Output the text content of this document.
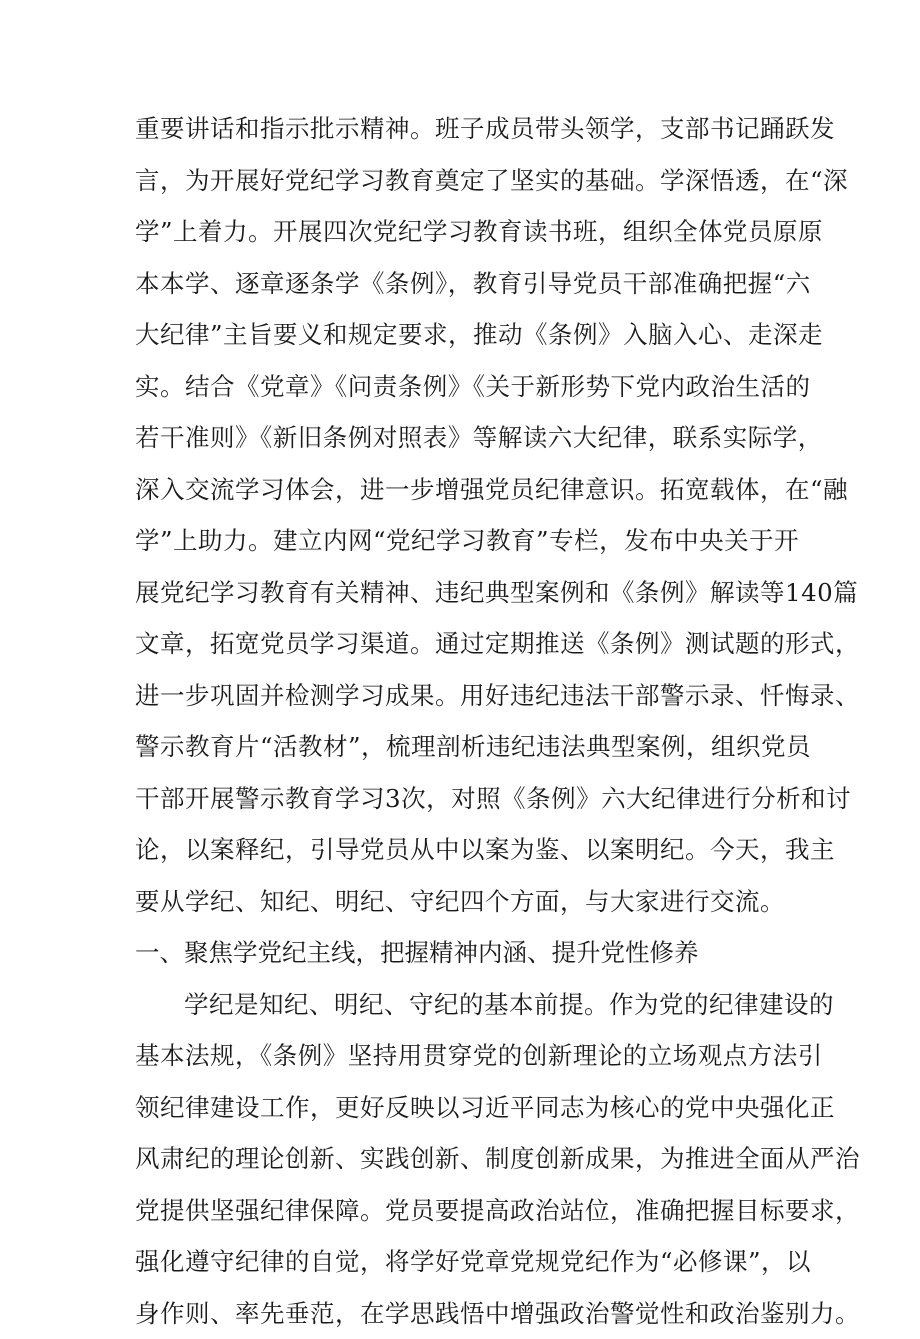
重要讲话和指示批示精神。班子成员带头领学，支部书记踊跃发
言，为开展好党纪学习教育奠定了坚实的基础。学深悟透，在“深
学”上着力。开展四次党纪学习教育读书班，组织全体党员原原
本本学、逐章逐条学《条例》，教育引导党员干部准确把握“六
大纪律”主旨要义和规定要求，推动《条例》入脑入心、走深走
实。结合《党章》《问责条例》《关于新形势下党内政治生活的
若干准则》《新旧条例对照表》等解读六大纪律，联系实际学，
深入交流学习体会，进一步增强党员纪律意识。拓宽载体，在“融
学”上助力。建立内网“党纪学习教育”专栏，发布中央关于开
展党纪学习教育有关精神、违纪典型案例和《条例》解读等140篇
文章，拓宽党员学习渠道。通过定期推送《条例》测试题的形式，
进一步巩固并检测学习成果。用好违纪违法干部警示录、忏悔录、
警示教育片“活教材”，梳理剖析违纪违法典型案例，组织党员
干部开展警示教育学习3次，对照《条例》六大纪律进行分析和讨
论，以案释纪，引导党员从中以案为鉴、以案明纪。今天，我主
要从学纪、知纪、明纪、守纪四个方面，与大家进行交流。

一、聚焦学党纪主线，把握精神内涵、提升党性修养

学纪是知纪、明纪、守纪的基本前提。作为党的纪律建设的
基本法规，《条例》坚持用贯穿党的创新理论的立场观点方法引
领纪律建设工作，更好反映以习近平同志为核心的党中央强化正
风肃纪的理论创新、实践创新、制度创新成果，为推进全面从严治
党提供坚强纪律保障。党员要提高政治站位，准确把握目标要求，
强化遵守纪律的自觉，将学好党章党规党纪作为“必修课”，以
身作则、率先垂范，在学思践悟中增强政治警觉性和政治鉴别力。
